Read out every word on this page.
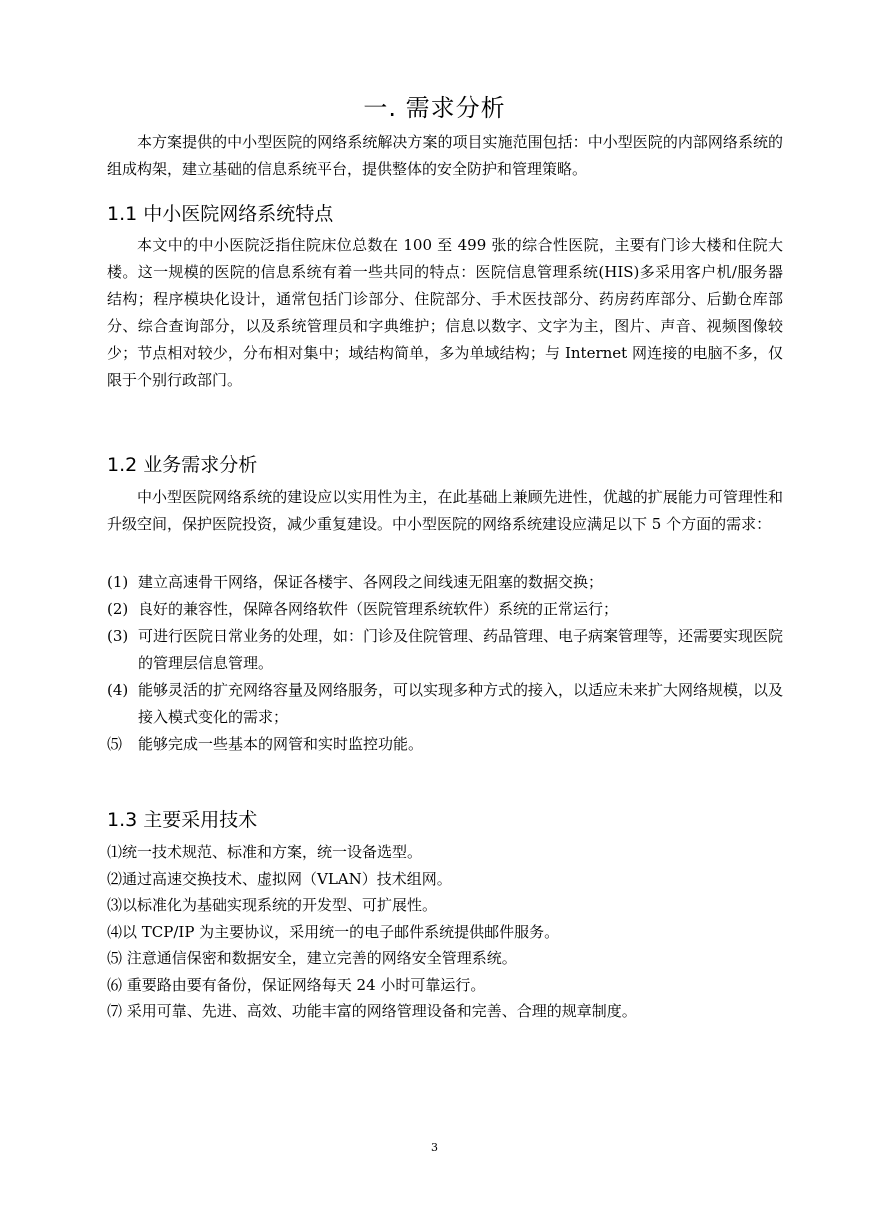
一. 需求分析

本方案提供的中小型医院的网络系统解决方案的项目实施范围包括：中小型医院的内部网络系统的组成构架，建立基础的信息系统平台，提供整体的安全防护和管理策略。

1.1 中小医院网络系统特点

本文中的中小医院泛指住院床位总数在 100 至 499 张的综合性医院，主要有门诊大楼和住院大楼。这一规模的医院的信息系统有着一些共同的特点：医院信息管理系统(HIS)多采用客户机/服务器结构；程序模块化设计，通常包括门诊部分、住院部分、手术医技部分、药房药库部分、后勤仓库部分、综合查询部分，以及系统管理员和字典维护；信息以数字、文字为主，图片、声音、视频图像较少；节点相对较少，分布相对集中；域结构简单，多为单域结构；与 Internet 网连接的电脑不多，仅限于个别行政部门。

1.2 业务需求分析

中小型医院网络系统的建设应以实用性为主，在此基础上兼顾先进性，优越的扩展能力可管理性和升级空间，保护医院投资，减少重复建设。中小型医院的网络系统建设应满足以下 5 个方面的需求：

(1) 建立高速骨干网络，保证各楼宇、各网段之间线速无阻塞的数据交换；
(2) 良好的兼容性，保障各网络软件（医院管理系统软件）系统的正常运行；
(3) 可进行医院日常业务的处理，如：门诊及住院管理、药品管理、电子病案管理等，还需要实现医院的管理层信息管理。
(4) 能够灵活的扩充网络容量及网络服务，可以实现多种方式的接入，以适应未来扩大网络规模，以及接入模式变化的需求；
⑸ 能够完成一些基本的网管和实时监控功能。
1.3 主要采用技术
⑴统一技术规范、标准和方案，统一设备选型。
⑵通过高速交换技术、虚拟网（VLAN）技术组网。
⑶以标准化为基础实现系统的开发型、可扩展性。
⑷以 TCP/IP 为主要协议，采用统一的电子邮件系统提供邮件服务。
⑸ 注意通信保密和数据安全，建立完善的网络安全管理系统。
⑹ 重要路由要有备份，保证网络每天 24 小时可靠运行。
⑺ 采用可靠、先进、高效、功能丰富的网络管理设备和完善、合理的规章制度。
3
